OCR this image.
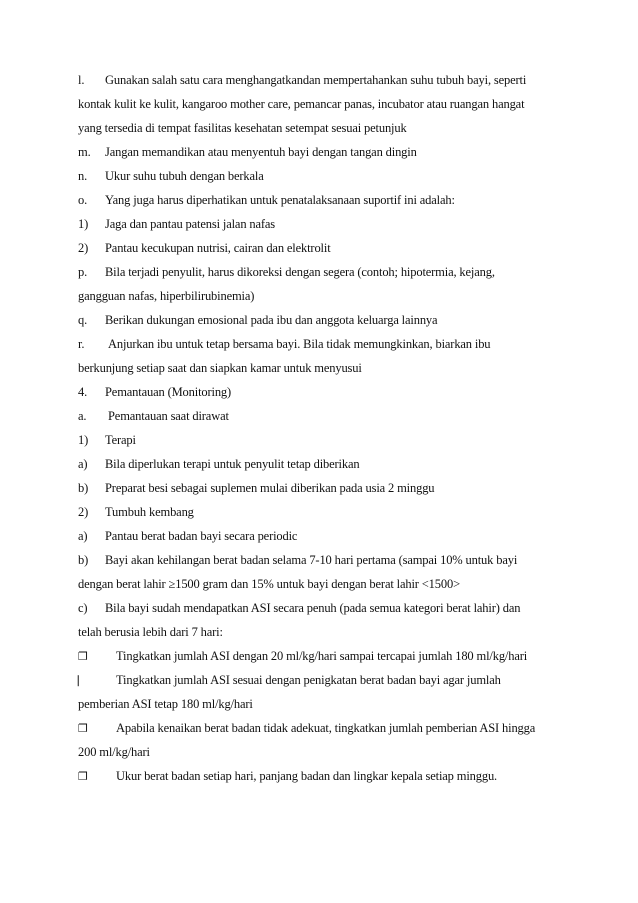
l. Gunakan salah satu cara menghangatkandan mempertahankan suhu tubuh bayi, seperti
kontak kulit ke kulit, kangaroo mother care, pemancar panas, incubator atau ruangan hangat
yang tersedia di tempat fasilitas kesehatan setempat sesuai petunjuk
m. Jangan memandikan atau menyentuh bayi dengan tangan dingin
n. Ukur suhu tubuh dengan berkala
o. Yang juga harus diperhatikan untuk penatalaksanaan suportif ini adalah:
1) Jaga dan pantau patensi jalan nafas
2) Pantau kecukupan nutrisi, cairan dan elektrolit
p. Bila terjadi penyulit, harus dikoreksi dengan segera (contoh; hipotermia, kejang,
gangguan nafas, hiperbilirubinemia)
q. Berikan dukungan emosional pada ibu dan anggota keluarga lainnya
r. Anjurkan ibu untuk tetap bersama bayi. Bila tidak memungkinkan, biarkan ibu
berkunjung setiap saat dan siapkan kamar untuk menyusui
4. Pemantauan (Monitoring)
a. Pemantauan saat dirawat
1) Terapi
a) Bila diperlukan terapi untuk penyulit tetap diberikan
b) Preparat besi sebagai suplemen mulai diberikan pada usia 2 minggu
2) Tumbuh kembang
a) Pantau berat badan bayi secara periodic
b) Bayi akan kehilangan berat badan selama 7-10 hari pertama (sampai 10% untuk bayi
dengan berat lahir ≥1500 gram dan 15% untuk bayi dengan berat lahir <1500>
c) Bila bayi sudah mendapatkan ASI secara penuh (pada semua kategori berat lahir) dan
telah berusia lebih dari 7 hari:
❐ Tingkatkan jumlah ASI dengan 20 ml/kg/hari sampai tercapai jumlah 180 ml/kg/hari
⎸ Tingkatkan jumlah ASI sesuai dengan penigkatan berat badan bayi agar jumlah
pemberian ASI tetap 180 ml/kg/hari
❐ Apabila kenaikan berat badan tidak adekuat, tingkatkan jumlah pemberian ASI hingga
200 ml/kg/hari
❐ Ukur berat badan setiap hari, panjang badan dan lingkar kepala setiap minggu.
